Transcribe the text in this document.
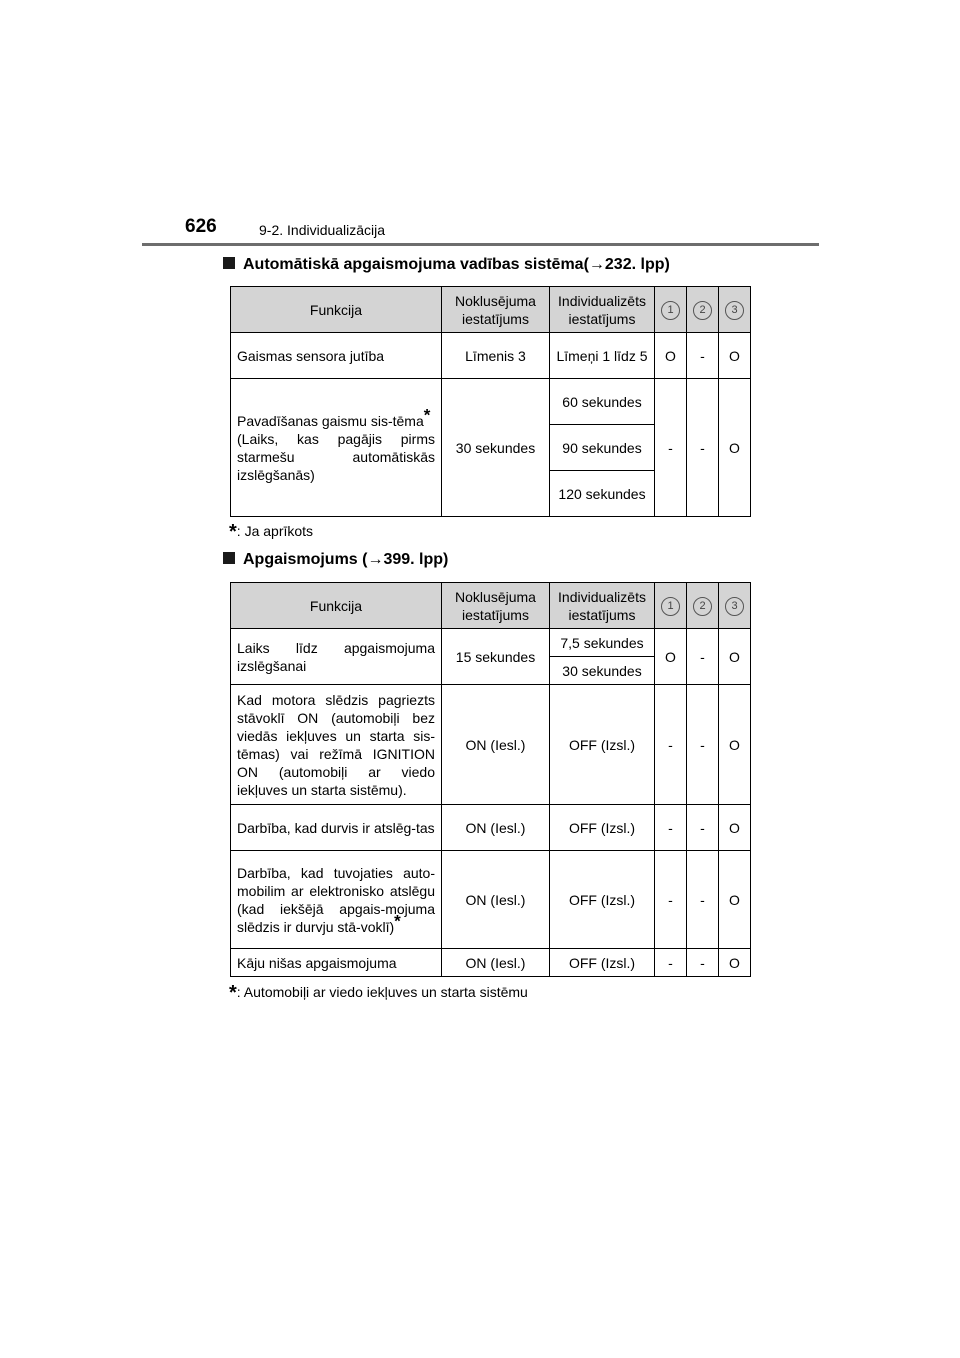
626	9-2. Individualizācija
Automātiskā apgaismojuma vadības sistēma(→232. lpp)
Funkcija	Noklusējuma iestatījums	Individualizēts iestatījums	1	2	3
Gaismas sensora jutība	Līmenis 3	Līmeņi 1 līdz 5	O	-	O
Pavadīšanas gaismu sis-tēma*
(Laiks, kas pagājis pirms starmešu automātiskās izslēgšanās)	30 sekundes	60 sekundes	-	-	O
		90 sekundes			
		120 sekundes			
*: Ja aprīkots
Apgaismojums (→399. lpp)
Funkcija	Noklusējuma iestatījums	Individualizēts iestatījums	1	2	3
Laiks līdz apgaismojuma izslēgšanai	15 sekundes	7,5 sekundes	O	-	O
		30 sekundes			
Kad motora slēdzis pagriezts stāvoklī ON (automobiļi bez viedās iekļuves un starta sis-tēmas) vai režīmā IGNITION ON (automobiļi ar viedo iekļuves un starta sistēmu).	ON (Iesl.)	OFF (Izsl.)	-	-	O
Darbība, kad durvis ir atslēg-tas	ON (Iesl.)	OFF (Izsl.)	-	-	O
Darbība, kad tuvojaties auto-mobilim ar elektronisko atslēgu (kad iekšējā apgais-mojuma slēdzis ir durvju stā-voklī)*	ON (Iesl.)	OFF (Izsl.)	-	-	O
Kāju nišas apgaismojuma	ON (Iesl.)	OFF (Izsl.)	-	-	O
*: Automobiļi ar viedo iekļuves un starta sistēmu
